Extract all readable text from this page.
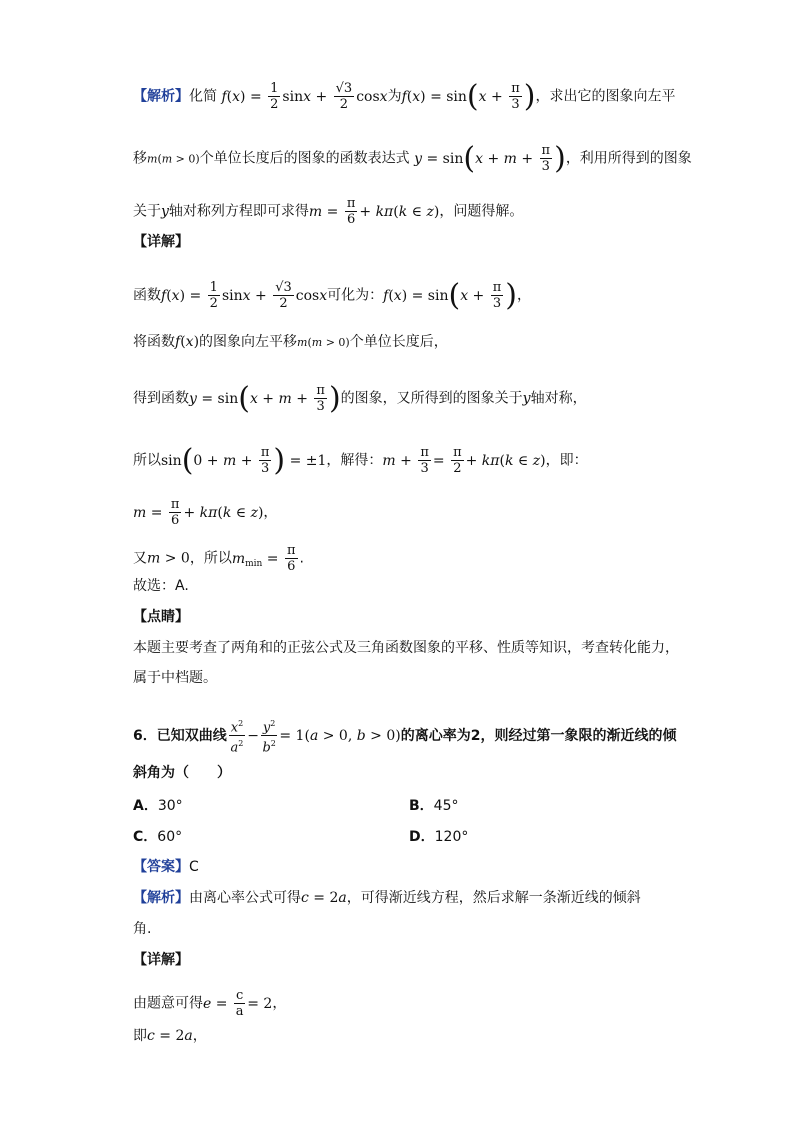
【解析】化简 $f(x) = \frac{1}{2}$ $\sin x + \frac{√3}{2}$ cosx为$f(x) = \sin(x + \frac{\pi}{3}$ )，求出它的图象向左平
移m(m > 0)个单位长度后的图象的函数表达式 $y = \sin(x + m + \frac{\pi}{3}$ )，利用所得到的图象
关于y轴对称列方程即可求得$m = \frac{\pi}{6} + k\pi(k$ ∈ z)，问题得解。
【详解】
函数$f(x) = \frac{1}{2}$ $\sin x + \frac{√3}{2}$ cosx可化为：$f(x) = \sin(x + \frac{\pi}{3}$ )，
将函数f(x)的图象向左平移m(m > 0)个单位长度后，
得到函数$y = \sin(x + m + \frac{\pi}{3}$ )的图象，又所得到的图象关于y轴对称，
所以$\sin(0 + m + \frac{\pi}{3}$ ) = ±1，解得：$m + \frac{\pi}{3} = \frac{\pi}{2} + k\pi(k$ ∈ z)，即：
$m = \frac{\pi}{6} + k\pi(k$ ∈ z)，
又m > 0，所以$m_{min} = \frac{\pi}{6}$ .
故选：A.
【点睛】
本题主要考查了两角和的正弦公式及三角函数图象的平移、性质等知识，考查转化能力，
属于中档题。
6．已知双曲线 $\frac{x^2}{a^2} - \frac{y^2}{b^2} = 1(a > 0$, b > 0)的离心率为2，则经过第一象限的渐近线的倾
斜角为（　　）
A．30°	B．45°
C．60°	D．120°
【答案】C
【解析】由离心率公式可得c = 2a，可得渐近线方程，然后求解一条渐近线的倾斜
角.
【详解】
由题意可得$e = \frac{c}{a} = 2$，
即c = 2a，
